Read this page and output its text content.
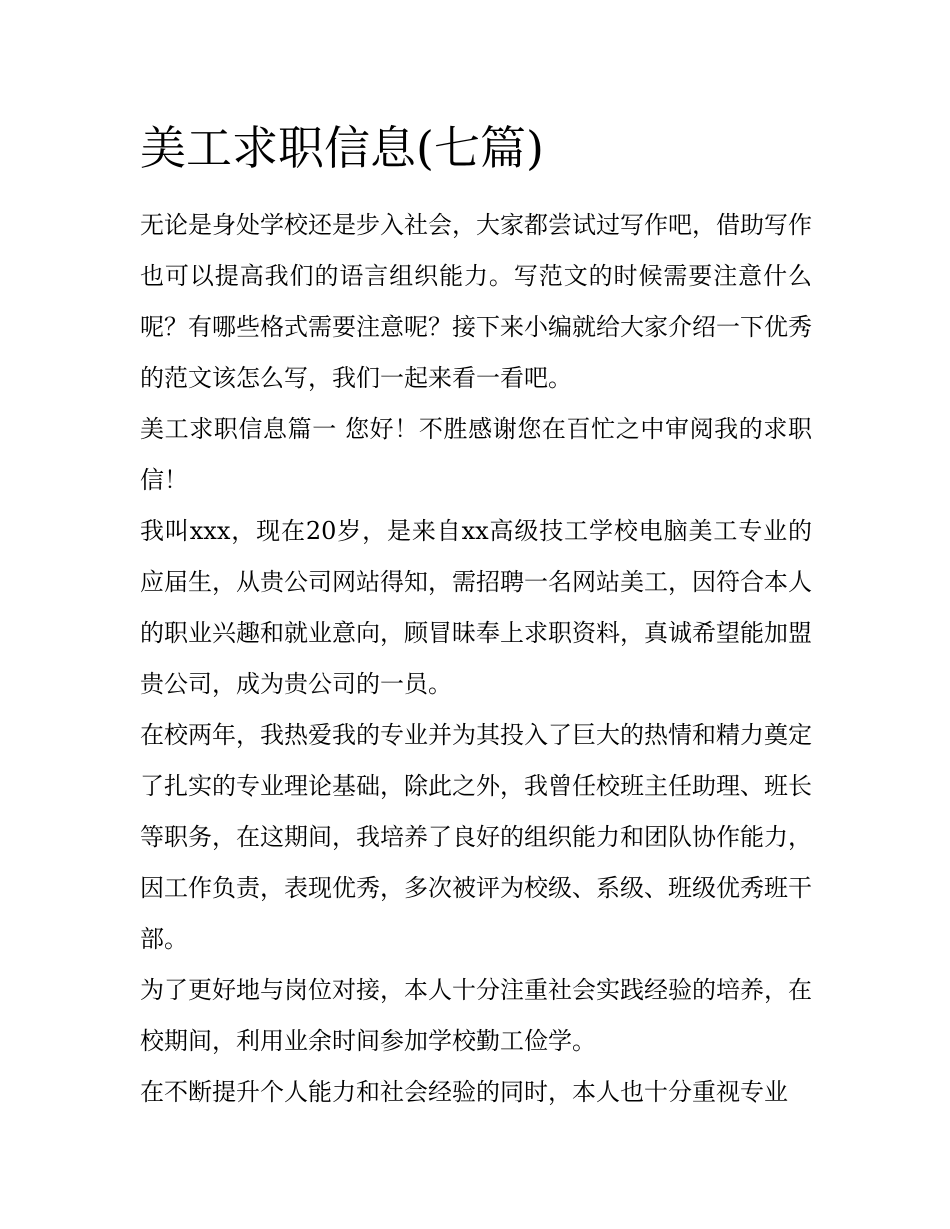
美工求职信息(七篇)

无论是身处学校还是步入社会，大家都尝试过写作吧，借助写作也可以提高我们的语言组织能力。写范文的时候需要注意什么呢？有哪些格式需要注意呢？接下来小编就给大家介绍一下优秀的范文该怎么写，我们一起来看一看吧。

美工求职信息篇一 您好！不胜感谢您在百忙之中审阅我的求职信！

我叫xxx，现在20岁，是来自xx高级技工学校电脑美工专业的应届生，从贵公司网站得知，需招聘一名网站美工，因符合本人的职业兴趣和就业意向，顾冒昧奉上求职资料，真诚希望能加盟贵公司，成为贵公司的一员。

在校两年，我热爱我的专业并为其投入了巨大的热情和精力奠定了扎实的专业理论基础，除此之外，我曾任校班主任助理、班长等职务，在这期间，我培养了良好的组织能力和团队协作能力，因工作负责，表现优秀，多次被评为校级、系级、班级优秀班干部。

为了更好地与岗位对接，本人十分注重社会实践经验的培养，在校期间，利用业余时间参加学校勤工俭学。

在不断提升个人能力和社会经验的同时，本人也十分重视专业
